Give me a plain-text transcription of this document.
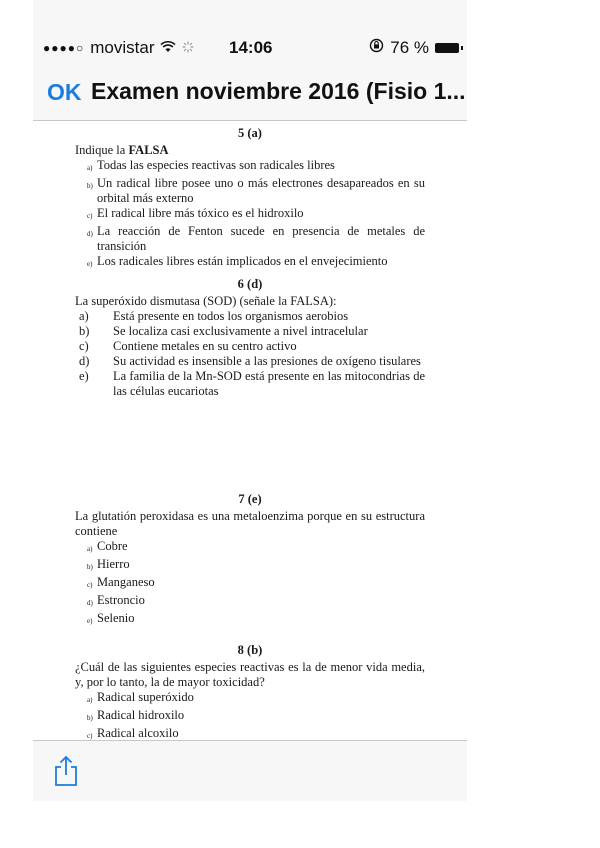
●●●●○ movistar	14:06	76 %
OK Examen noviembre 2016 (Fisio 1...
5 (a)
Indique la FALSA
a) Todas las especies reactivas son radicales libres
b) Un radical libre posee uno o más electrones desapareados en su orbital más externo
c) El radical libre más tóxico es el hidroxilo
d) La reacción de Fenton sucede en presencia de metales de transición
e) Los radicales libres están implicados en el envejecimiento
6 (d)
La superóxido dismutasa (SOD) (señale la FALSA):
a)	Está presente en todos los organismos aerobios
b)	Se localiza casi exclusivamente a nivel intracelular
c)	Contiene metales en su centro activo
d)	Su actividad es insensible a las presiones de oxígeno tisulares
e)	La familia de la Mn-SOD está presente en las mitocondrias de las células eucariotas
7 (e)
La glutatión peroxidasa es una metaloenzima porque en su estructura contiene
a) Cobre
b) Hierro
c) Manganeso
d) Estroncio
e) Selenio
8 (b)
¿Cuál de las siguientes especies reactivas es la de menor vida media, y, por lo tanto, la de mayor toxicidad?
a) Radical superóxido
b) Radical hidroxilo
c) Radical alcoxilo
